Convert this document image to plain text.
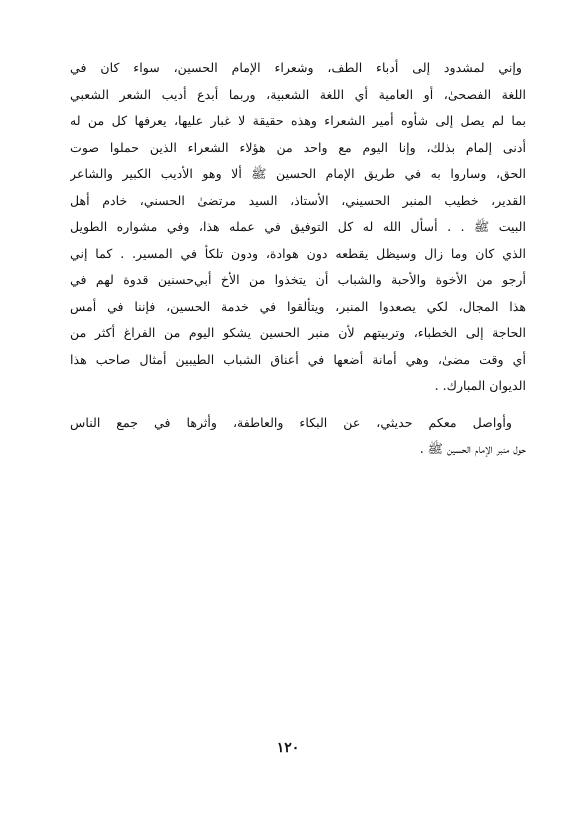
وإني لمشدود إلى أدباء الطف، وشعراء الإمام الحسين، سواء كان في
اللغة الفصحىٰ، أو العامية أي اللغة الشعبية، وربما أبدع أديب الشعر الشعبي
بما لم يصل إلى شأوه أمير الشعراء وهذه حقيقة لا غبار عليها، يعرفها كل من له
أدنى إلمام بذلك، وإنا اليوم مع واحد من هؤلاء الشعراء الذين حملوا صوت
الحق، وساروا به في طريق الإمام الحسين ﷺ ألا وهو الأديب الكبير والشاعر
القدير، خطيب المنبر الحسيني، الأستاذ، السيد مرتضىٰ الحسني، خادم أهل
البيت ﷺ . . أسأل الله له كل التوفيق في عمله هذا، وفي مشواره الطويل
الذي كان وما زال وسيظل يقطعه دون هوادة، ودون تلكأ في المسير. . كما إني
أرجو من الأخوة والأحبة والشباب أن يتخذوا من الأخ أبي‌حسنين قدوة لهم في
هذا المجال، لكي يصعدوا المنبر، ويتألقوا في خدمة الحسين، فإننا في أمس
الحاجة إلى الخطباء، وتربيتهم لأن منبر الحسين يشكو اليوم من الفراغ أكثر من
أي وقت مضىٰ، وهي أمانة أضعها في أعناق الشباب الطيبين أمثال صاحب هذا
الديوان المبارك. .
وأواصل معكم حديثي، عن البكاء والعاطفة، وأثرها في جمع الناس
حول منبر الإمام الحسين ﷺ .
١٢٠
